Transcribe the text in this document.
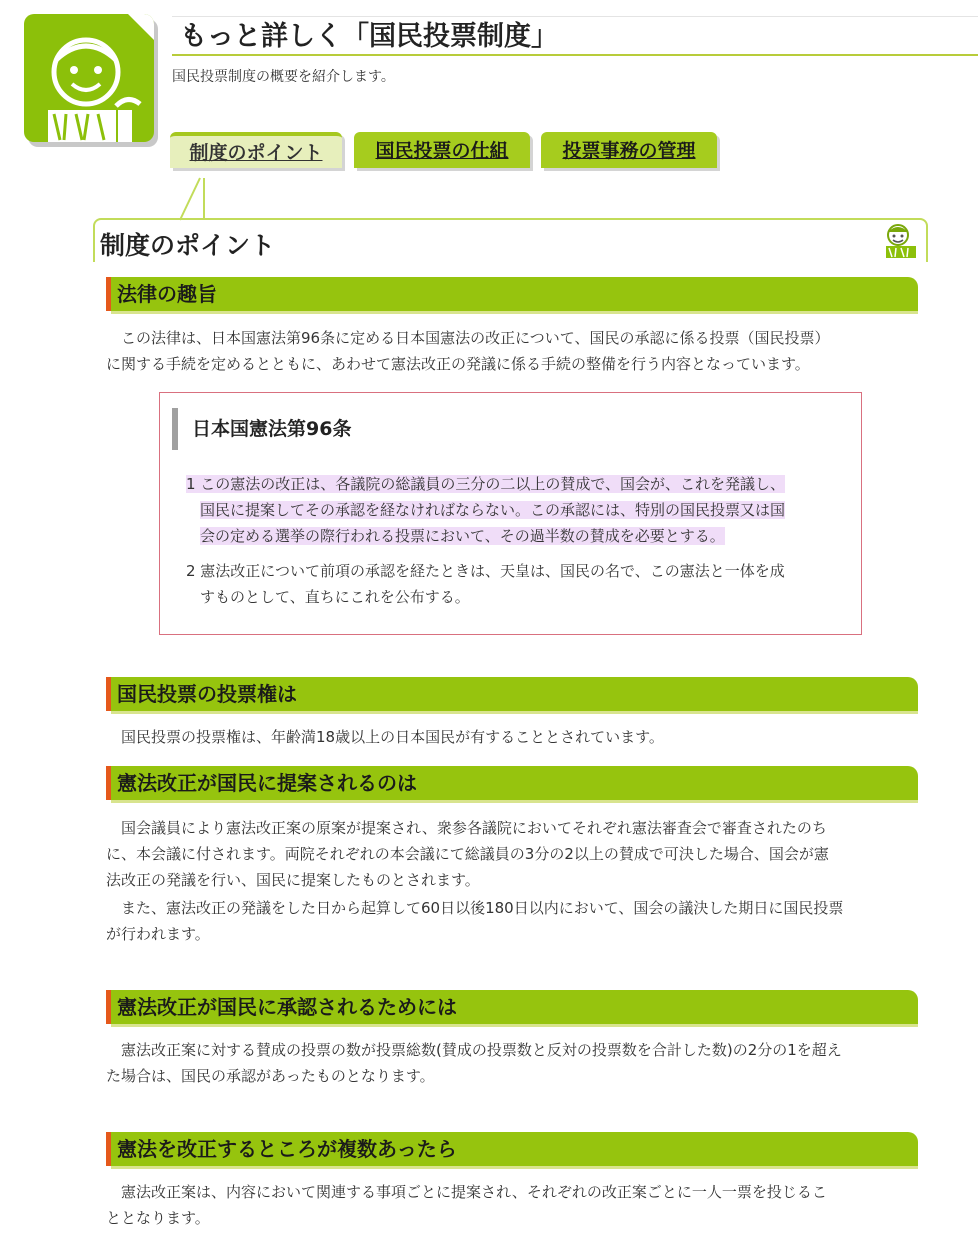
もっと詳しく「国民投票制度」
国民投票制度の概要を紹介します。
制度のポイント	国民投票の仕組	投票事務の管理
制度のポイント
法律の趣旨
　この法律は、日本国憲法第96条に定める日本国憲法の改正について、国民の承認に係る投票（国民投票）
に関する手続を定めるとともに、あわせて憲法改正の発議に係る手続の整備を行う内容となっています。
日本国憲法第96条
1 この憲法の改正は、各議院の総議員の三分の二以上の賛成で、国会が、これを発議し、
国民に提案してその承認を経なければならない。この承認には、特別の国民投票又は国
会の定める選挙の際行われる投票において、その過半数の賛成を必要とする。
2 憲法改正について前項の承認を経たときは、天皇は、国民の名で、この憲法と一体を成
すものとして、直ちにこれを公布する。
国民投票の投票権は
　国民投票の投票権は、年齢満18歳以上の日本国民が有することとされています。
憲法改正が国民に提案されるのは
　国会議員により憲法改正案の原案が提案され、衆参各議院においてそれぞれ憲法審査会で審査されたのち
に、本会議に付されます。両院それぞれの本会議にて総議員の3分の2以上の賛成で可決した場合、国会が憲
法改正の発議を行い、国民に提案したものとされます。
　また、憲法改正の発議をした日から起算して60日以後180日以内において、国会の議決した期日に国民投票
が行われます。
憲法改正が国民に承認されるためには
　憲法改正案に対する賛成の投票の数が投票総数(賛成の投票数と反対の投票数を合計した数)の2分の1を超え
た場合は、国民の承認があったものとなります。
憲法を改正するところが複数あったら
　憲法改正案は、内容において関連する事項ごとに提案され、それぞれの改正案ごとに一人一票を投じるこ
ととなります。
